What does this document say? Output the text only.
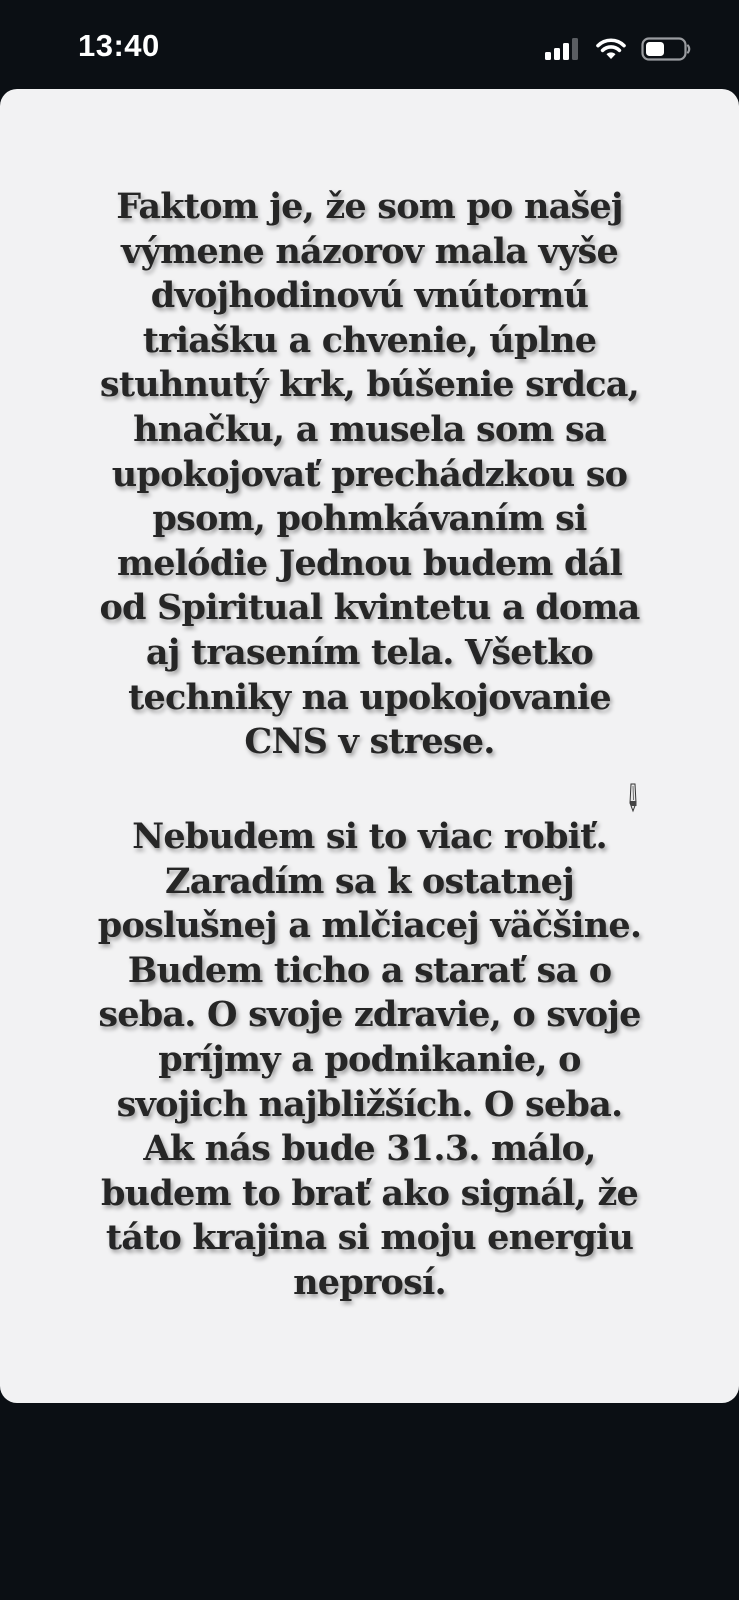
13:40

Faktom je, že som po našej
výmene názorov mala vyše
dvojhodinovú vnútornú
triašku a chvenie, úplne
stuhnutý krk, búšenie srdca,
hnačku, a musela som sa
upokojovať prechádzkou so
psom, pohmkávaním si
melódie Jednou budem dál
od Spiritual kvintetu a doma
aj trasením tela. Všetko
techniky na upokojovanie
CNS v strese.

Nebudem si to viac robiť.
Zaradím sa k ostatnej
poslušnej a mlčiacej väčšine.
Budem ticho a starať sa o
seba. O svoje zdravie, o svoje
príjmy a podnikanie, o
svojich najbližších. O seba.
Ak nás bude 31.3. málo,
budem to brať ako signál, že
táto krajina si moju energiu
neprosí.
